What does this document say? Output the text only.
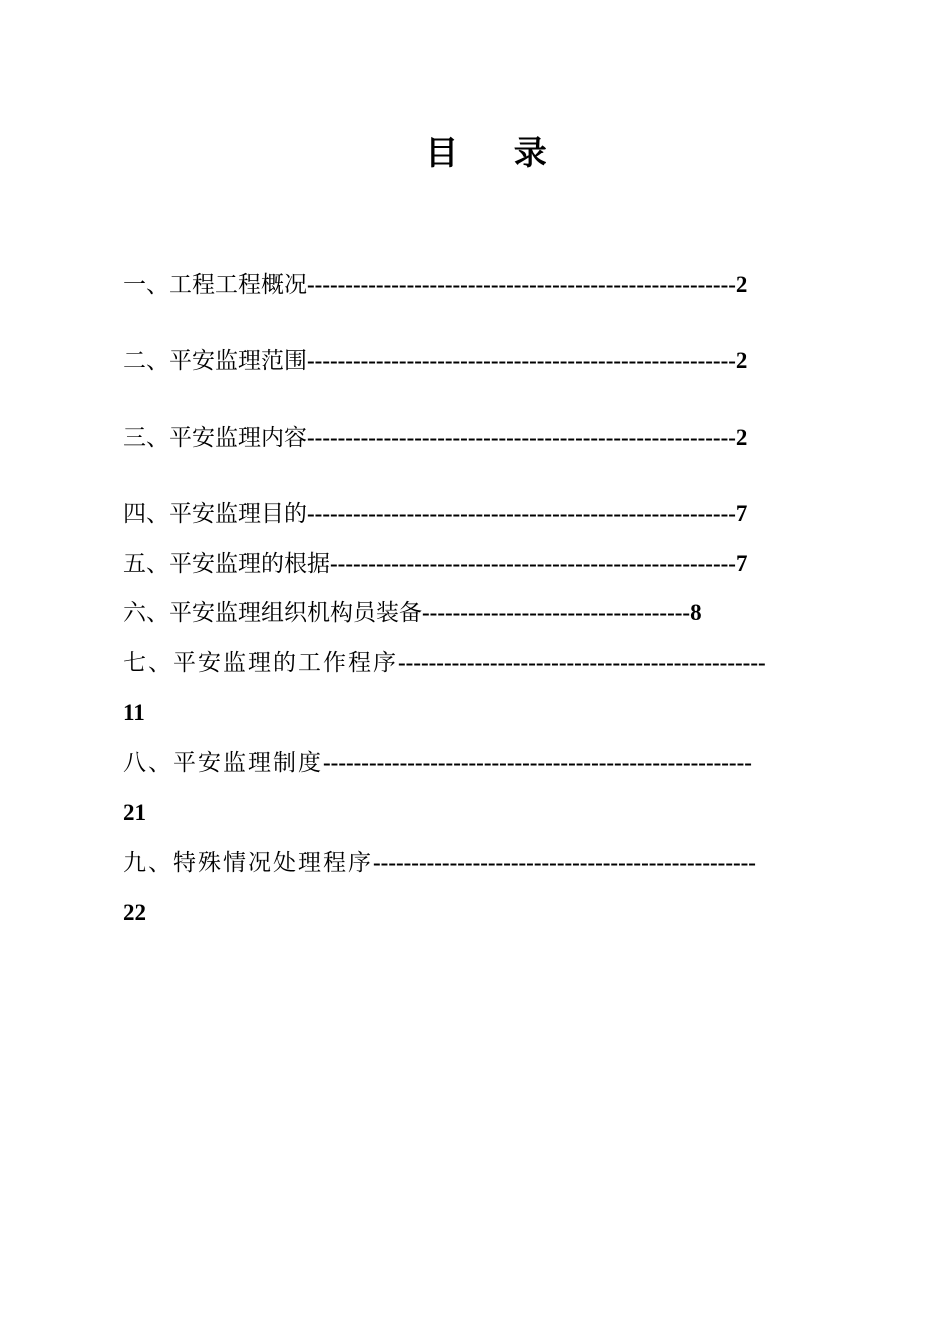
目 录
一、工程工程概况--------------------------------------------------------2
二、平安监理范围--------------------------------------------------------2
三、平安监理内容--------------------------------------------------------2
四、平安监理目的--------------------------------------------------------7
五、平安监理的根据-----------------------------------------------------7
六、平安监理组织机构员装备-----------------------------------8
七、平安监理的工作程序------------------------------------------------
11
八、平安监理制度--------------------------------------------------------
21
九、特殊情况处理程序--------------------------------------------------
22
